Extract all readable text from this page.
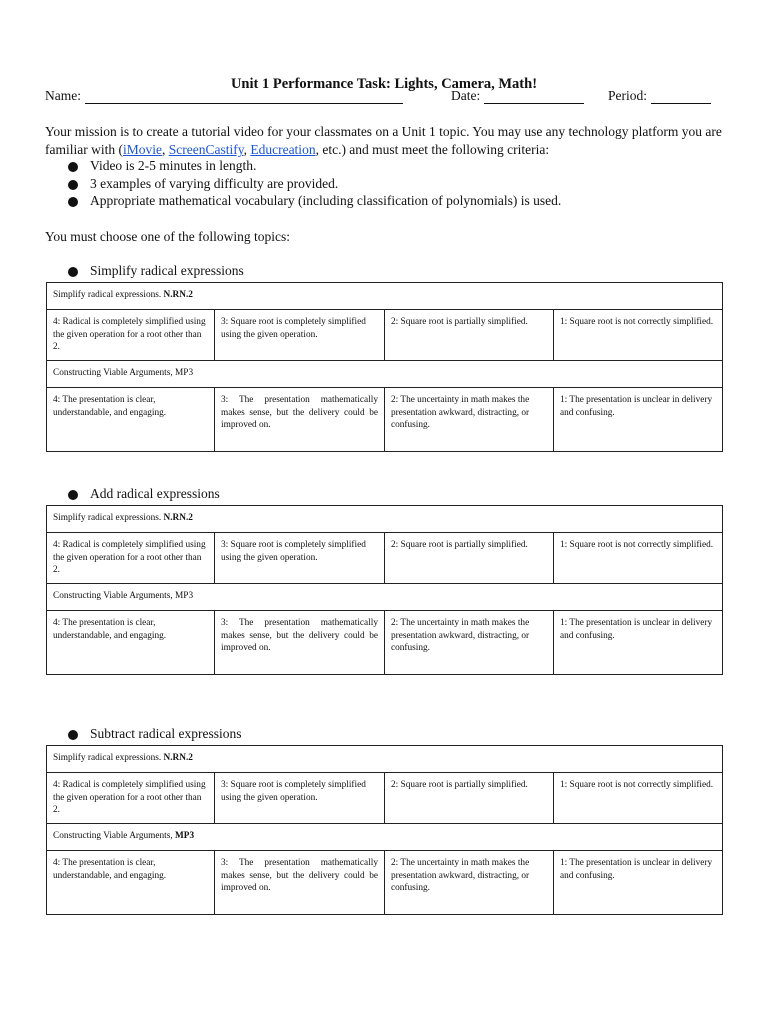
Unit 1 Performance Task: Lights, Camera, Math!
Name:	Date:	Period:
Your mission is to create a tutorial video for your classmates on a Unit 1 topic. You may use any technology platform you are familiar with (iMovie, ScreenCastify, Educreation, etc.) and must meet the following criteria:
Video is 2-5 minutes in length.
3 examples of varying difficulty are provided.
Appropriate mathematical vocabulary (including classification of polynomials) is used.
You must choose one of the following topics:
Simplify radical expressions
Simplify radical expressions. N.RN.2			
4: Radical is completely simplified using the given operation for a root other than 2.	3: Square root is completely simplified using the given operation.	2: Square root is partially simplified.	1: Square root is not correctly simplified.
Constructing Viable Arguments, MP3			
4: The presentation is clear, understandable, and engaging.	3: The presentation mathematically makes sense, but the delivery could be improved on.	2: The uncertainty in math makes the presentation awkward, distracting, or confusing.	1: The presentation is unclear in delivery and confusing.
Add radical expressions
Simplify radical expressions. N.RN.2			
4: Radical is completely simplified using the given operation for a root other than 2.	3: Square root is completely simplified using the given operation.	2: Square root is partially simplified.	1: Square root is not correctly simplified.
Constructing Viable Arguments, MP3			
4: The presentation is clear, understandable, and engaging.	3: The presentation mathematically makes sense, but the delivery could be improved on.	2: The uncertainty in math makes the presentation awkward, distracting, or confusing.	1: The presentation is unclear in delivery and confusing.
Subtract radical expressions
Simplify radical expressions. N.RN.2			
4: Radical is completely simplified using the given operation for a root other than 2.	3: Square root is completely simplified using the given operation.	2: Square root is partially simplified.	1: Square root is not correctly simplified.
Constructing Viable Arguments, MP3			
4: The presentation is clear, understandable, and engaging.	3: The presentation mathematically makes sense, but the delivery could be improved on.	2: The uncertainty in math makes the presentation awkward, distracting, or confusing.	1: The presentation is unclear in delivery and confusing.
